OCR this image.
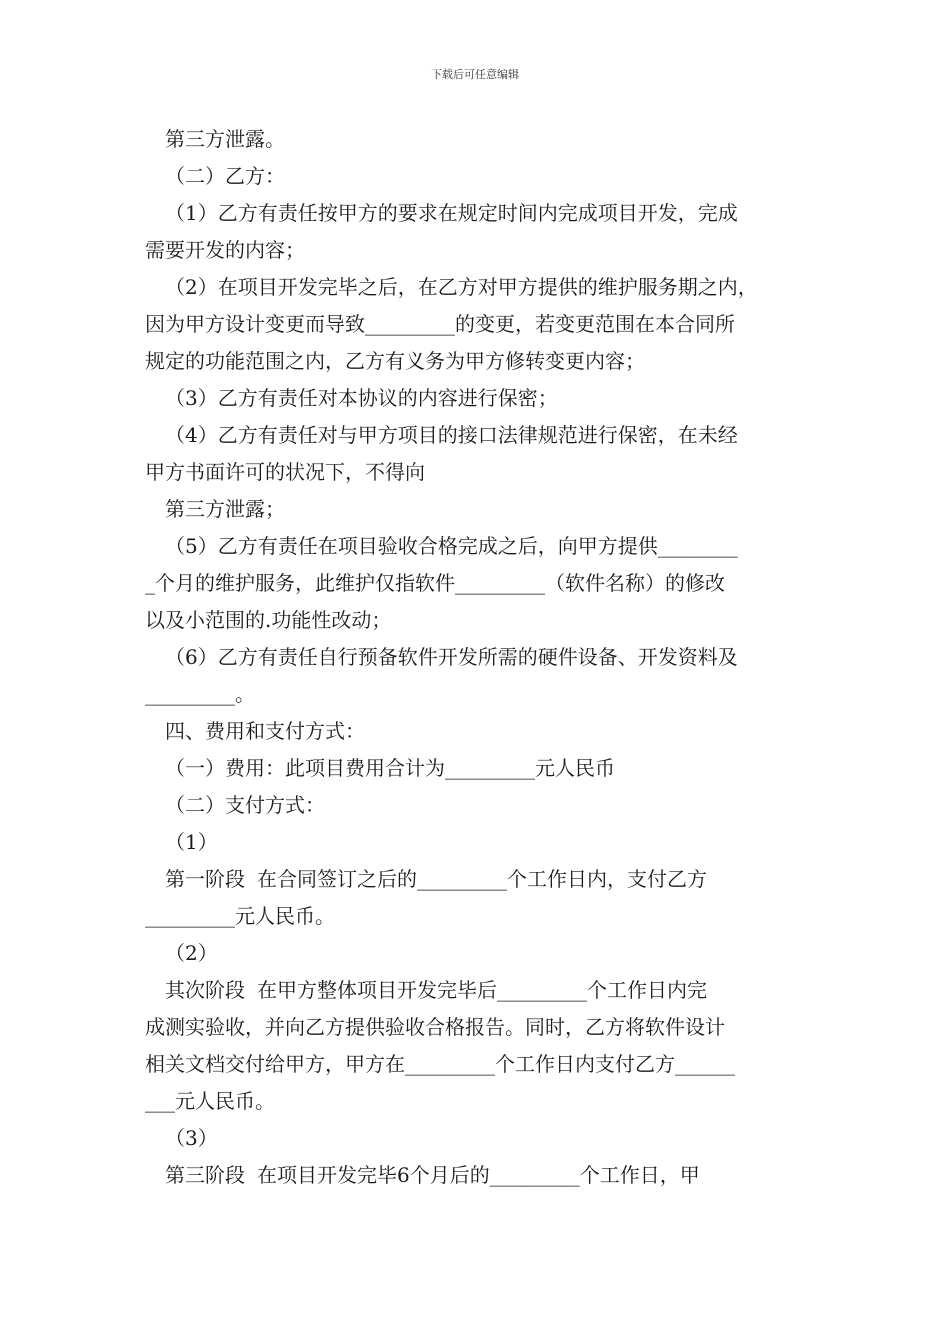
下载后可任意编辑
第三方泄露。
（二）乙方：
（1）乙方有责任按甲方的要求在规定时间内完成项目开发，完成
需要开发的内容；
（2）在项目开发完毕之后，在乙方对甲方提供的维护服务期之内，
因为甲方设计变更而导致_________的变更，若变更范围在本合同所
规定的功能范围之内，乙方有义务为甲方修转变更内容；
（3）乙方有责任对本协议的内容进行保密；
（4）乙方有责任对与甲方项目的接口法律规范进行保密，在未经
甲方书面许可的状况下，不得向
第三方泄露；
（5）乙方有责任在项目验收合格完成之后，向甲方提供________
_个月的维护服务，此维护仅指软件_________（软件名称）的修改
以及小范围的.功能性改动；
（6）乙方有责任自行预备软件开发所需的硬件设备、开发资料及
_________。
四、费用和支付方式：
（一）费用：此项目费用合计为_________元人民币
（二）支付方式：
（1）
第一阶段	在合同签订之后的_________个工作日内，支付乙方
_________元人民币。
（2）
其次阶段	在甲方整体项目开发完毕后_________个工作日内完
成测实验收，并向乙方提供验收合格报告。同时，乙方将软件设计
相关文档交付给甲方，甲方在_________个工作日内支付乙方______
___元人民币。
（3）
第三阶段	在项目开发完毕6个月后的_________个工作日，甲
